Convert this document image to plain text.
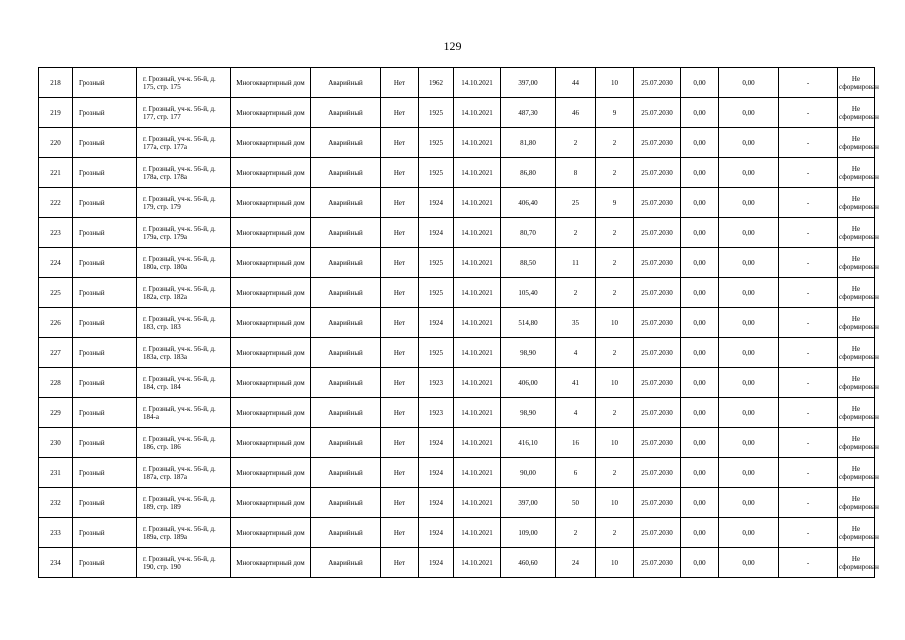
129
218	Грозный	г. Грозный, уч-к. 56-й, д. 175, стр. 175	Многоквартирный дом	Аварийный	Нет	1962	14.10.2021	397,00	44	10	25.07.2030	0,00	0,00	-	Не сформирован
219	Грозный	г. Грозный, уч-к. 56-й, д. 177, стр. 177	Многоквартирный дом	Аварийный	Нет	1925	14.10.2021	487,30	46	9	25.07.2030	0,00	0,00	-	Не сформирован
220	Грозный	г. Грозный, уч-к. 56-й, д. 177а, стр. 177а	Многоквартирный дом	Аварийный	Нет	1925	14.10.2021	81,80	2	2	25.07.2030	0,00	0,00	-	Не сформирован
221	Грозный	г. Грозный, уч-к. 56-й, д. 178а, стр. 178а	Многоквартирный дом	Аварийный	Нет	1925	14.10.2021	86,80	8	2	25.07.2030	0,00	0,00	-	Не сформирован
222	Грозный	г. Грозный, уч-к. 56-й, д. 179, стр. 179	Многоквартирный дом	Аварийный	Нет	1924	14.10.2021	406,40	25	9	25.07.2030	0,00	0,00	-	Не сформирован
223	Грозный	г. Грозный, уч-к. 56-й, д. 179а, стр. 179а	Многоквартирный дом	Аварийный	Нет	1924	14.10.2021	80,70	2	2	25.07.2030	0,00	0,00	-	Не сформирован
224	Грозный	г. Грозный, уч-к. 56-й, д. 180а, стр. 180а	Многоквартирный дом	Аварийный	Нет	1925	14.10.2021	88,50	11	2	25.07.2030	0,00	0,00	-	Не сформирован
225	Грозный	г. Грозный, уч-к. 56-й, д. 182а, стр. 182а	Многоквартирный дом	Аварийный	Нет	1925	14.10.2021	105,40	2	2	25.07.2030	0,00	0,00	-	Не сформирован
226	Грозный	г. Грозный, уч-к. 56-й, д. 183, стр. 183	Многоквартирный дом	Аварийный	Нет	1924	14.10.2021	514,80	35	10	25.07.2030	0,00	0,00	-	Не сформирован
227	Грозный	г. Грозный, уч-к. 56-й, д. 183а, стр. 183а	Многоквартирный дом	Аварийный	Нет	1925	14.10.2021	98,90	4	2	25.07.2030	0,00	0,00	-	Не сформирован
228	Грозный	г. Грозный, уч-к. 56-й, д. 184, стр. 184	Многоквартирный дом	Аварийный	Нет	1923	14.10.2021	406,00	41	10	25.07.2030	0,00	0,00	-	Не сформирован
229	Грозный	г. Грозный, уч-к. 56-й, д. 184-а	Многоквартирный дом	Аварийный	Нет	1923	14.10.2021	98,90	4	2	25.07.2030	0,00	0,00	-	Не сформирован
230	Грозный	г. Грозный, уч-к. 56-й, д. 186, стр. 186	Многоквартирный дом	Аварийный	Нет	1924	14.10.2021	416,10	16	10	25.07.2030	0,00	0,00	-	Не сформирован
231	Грозный	г. Грозный, уч-к. 56-й, д. 187а, стр. 187а	Многоквартирный дом	Аварийный	Нет	1924	14.10.2021	90,00	6	2	25.07.2030	0,00	0,00	-	Не сформирован
232	Грозный	г. Грозный, уч-к. 56-й, д. 189, стр. 189	Многоквартирный дом	Аварийный	Нет	1924	14.10.2021	397,00	50	10	25.07.2030	0,00	0,00	-	Не сформирован
233	Грозный	г. Грозный, уч-к. 56-й, д. 189а, стр. 189а	Многоквартирный дом	Аварийный	Нет	1924	14.10.2021	109,00	2	2	25.07.2030	0,00	0,00	-	Не сформирован
234	Грозный	г. Грозный, уч-к. 56-й, д. 190, стр. 190	Многоквартирный дом	Аварийный	Нет	1924	14.10.2021	460,60	24	10	25.07.2030	0,00	0,00	-	Не сформирован
